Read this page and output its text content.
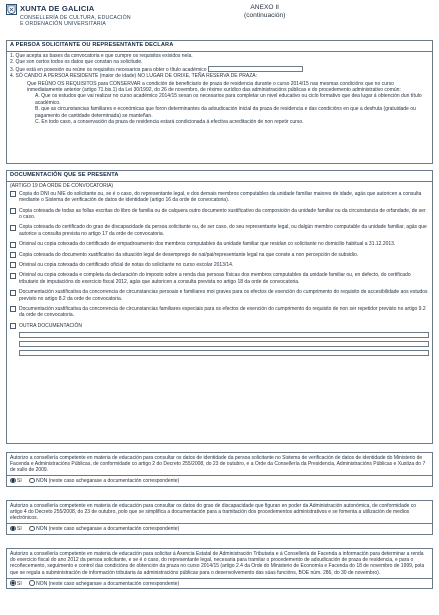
XUNTA DE GALICIA
CONSELLERÍA DE CULTURA, EDUCACIÓN
E ORDENACIÓN UNIVERSITARIA
ANEXO II
(continuación)
A PERSOA SOLICITANTE OU REPRESENTANTE DECLARA
1. Que acepta as bases da convocatoria e que cumpre os requisitos exixidos nela.
2. Que son certos todos os datos que constan na solicitude.
3. Que está en posesión ou reúne os requisitos necesarios para obter o título académico
4. SÓ CANDO A PERSOA RESIDENTE (maior de idade) NO LUGAR DE ORIXE, TEÑA RESERVA DE PRAZA:
Que REÚNO OS REQUISITOS para CONSERVAR a condición de beneficiario de praza de residencia durante o curso 2014/15 nas mesmas condicións que no curso inmediatamente anterior (artigo 71.bis.1) da Lei 30/1992, do 26 de novembro, de réxime xurídico das administracións públicas e do procedemento administrativo común:
A. Que os estudos que vai realizar no curso académico 2014/15 sexan os necesarios para completar un nivel educativo ou ciclo formativo que dea lugar á obtención dun título académico.
B. que as circunstancias familiares e económicas que foron determinantes da adxudicación inicial da praza de residencia e das condicións en que a desfruta (gratuidade ou pagamento de cantidade determinada) se manteñan.
C. En todo caso, a conservación da praza de residencia estará condicionada á efectiva acreditación de non repetir curso.
DOCUMENTACIÓN QUE SE PRESENTA
(ARTIGO 19 DA ORDE DE CONVOCATORIA)
Copia do DNI ou NIE do solicitante ou, se é o caso, do representante legal, e dos demais membros computables da unidade familiar maiores de idade, agás que autoricen a consulta mediante o Sistema de verificación de datos de identidade (artigo 16 da orde de convocatoria).
Copia cotexada de todas as follas escritas do libro de familia ou de calquera outro documento xustificativo da composición da unidade familiar ou da circunstancia de orfandade, de ser o caso.
Copia cotexada do certificado do grao de discapacidade da persoa solicitante ou, de ser caso, do seu representante legal, ou dalgún membro computable da unidade familiar, agás que autorice a consulta prevista no artigo 17 da orde de convocatoria.
Orixinal ou copia cotexada do certificado de empadroamento dos membros computables da unidade familiar que residan co solicitante no domicilio habitual a 31.12.2013.
Copia cotexada do documento xustificativo da situación legal de desemprego de nai/pai/representante legal na que conste a non percepción de subsidio.
Orixinal ou copia cotexada do certificado oficial de notas do solicitante no curso escolar 2013/14.
Orixinal ou copia cotexada e completa da declaración do imposto sobre a renda das persoas físicas dos membros computables da unidade familiar ou, en defecto, do certificado tributario de imputacións do exercicio fiscal 2012, agás que autoricen a consulta prevista no artigo 18 da orde de convocatoria.
Documentación xustificativa da concorrencia de circunstancias persoais e familiares moi graves para os efectos de exención do cumprimento do requisito de accesibilidade aos estudos previsto no artigo 8.2 da orde de convocatoria.
Documentación xustificativa da concorrencia de circunstancias familiares especiais para os efectos de exención do cumprimento do requisito de non ser repetidor previsto no artigo 9.2 da orde de convocatoria.
OUTRA DOCUMENTACIÓN
Autorizo a consellería competente en materia de educación para consultar os datos de identidade da persoa solicitante no Sistema de verificación de datos de identidade do Ministerio de Facenda e Administracións Públicas, de conformidade co artigo 2 do Decreto 255/2008, do 23 de outubro, e a Orde da Consellería da Presidencia, Administracións Públicas e Xustiza do 7 de xullo de 2009.
SI	NON (neste caso achegarase a documentación correspondente)
Autorizo a consellería competente en materia de educación para consultar os datos do grao de discapacidade que figuran en poder da Administración autonómica, de conformidade co artigo 4 do Decreto 255/2008, do 23 de outubro, polo que se simplifica a documentación para a tramitación dos procedementos administrativos e se fomenta a utilización de medios electrónicos.
SI	NON (neste caso achegarase a documentación correspondente)
Autorizo a consellería competente en materia de educación para solicitar á Axencia Estatal de Administración Tributaria e á Consellería de Facenda a información para determinar a renda do exercicio fiscal do ano 2012 da persoa solicitante, e se é o caso, do representante legal, necesaria para tramitar o procedemento de adxudicación de praza de residencia, e para o recoñecemento, seguimento e control das condicións de obtención da praza no curso 2014/15 (artigo 2.4 da Orde do Ministerio de Economía e Facenda do 18 de novembro de 1999, pola que se regula a subministración de información tributaria ás administracións públicas para o desenvolvemento das súas funcións, BOE núm. 286, do 30 de novembro).
SI	NON (neste caso achegarase a documentación correspondente)
